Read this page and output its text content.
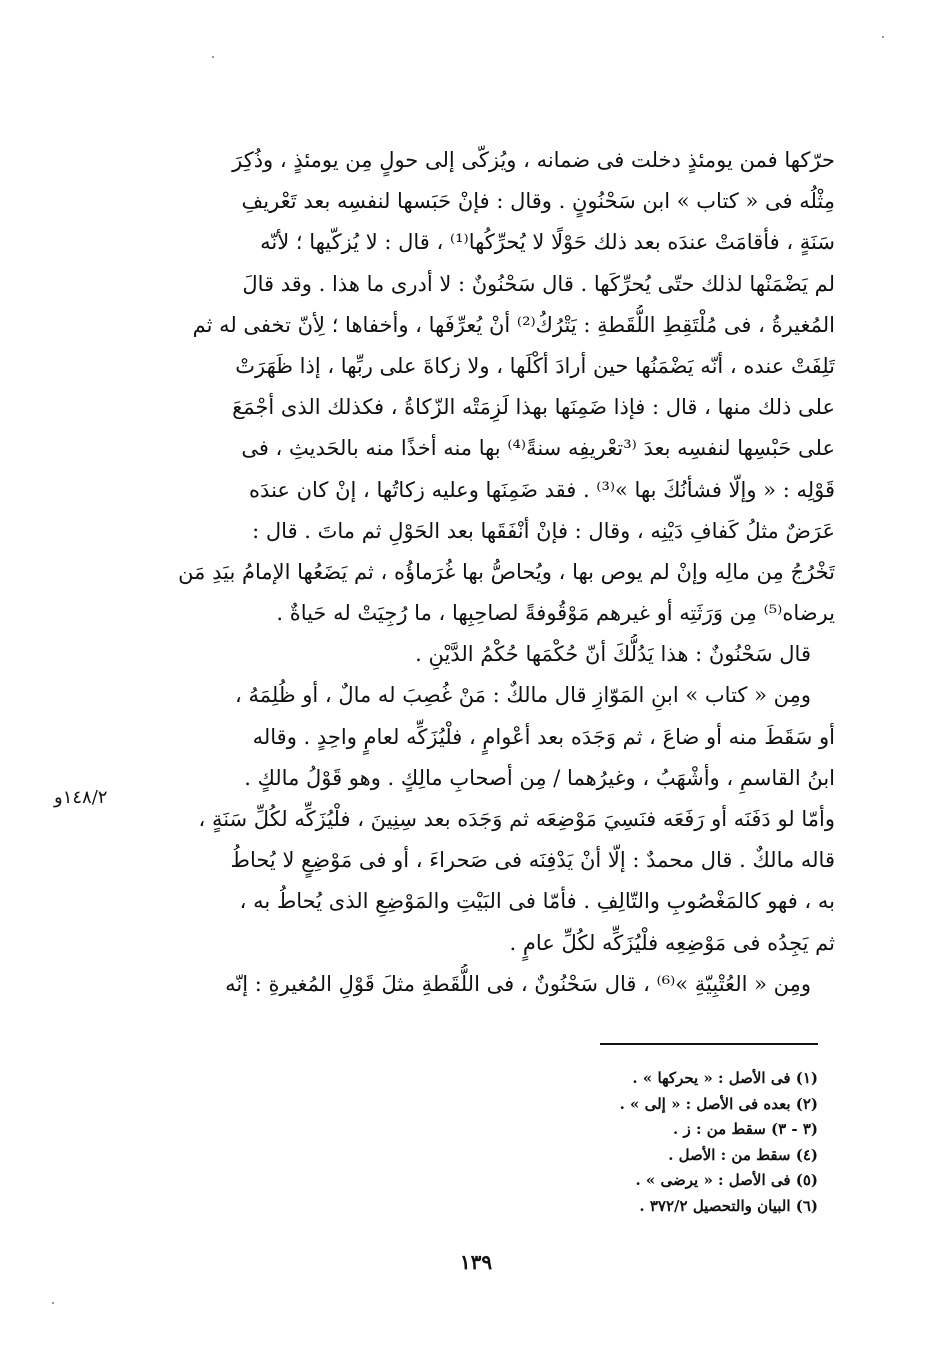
حرّكها فمن يومئذٍ دخلت فى ضمانه ، ويُزكّى إلى حولٍ مِن يومئذٍ ، وذُكِرَ
مِثْلُه فى « كتاب » ابن سَحْنُونٍ . وقال : فإنْ حَبَسها لنفسِه بعد تَعْريفِ
سَنَةٍ ، فأقامَتْ عندَه بعد ذلك حَوْلًا لا يُحرِّكُها⁽¹⁾ ، قال : لا يُزكّيها ؛ لأنّه
لم يَضْمَنْها لذلك حتّى يُحرِّكَها . قال سَحْنُونٌ : لا أدرى ما هذا . وقد قالَ
المُغيرةُ ، فى مُلْتَقِطِ اللُّقَطةِ : يَتْرُكُ⁽²⁾ أنْ يُعرِّفَها ، وأخفاها ؛ لِأنّ تخفى له ثم
تَلِفَتْ عنده ، أنّه يَضْمَنُها حين أرادَ أكْلَها ، ولا زكاةَ على ربِّها ، إذا ظَهَرَتْ
على ذلك منها ، قال : فإذا ضَمِنَها بهذا لَزِمَتْه الزّكاةُ ، فكذلك الذى أجْمَعَ
على حَبْسِها لنفسِه بعدَ ⁽³تعْريفِه سنةً⁽⁴⁾ بها منه أخذًا منه بالحَديثِ ، فى
قَوْلِه : « وإلّا فشأنُكَ بها »⁽³⁾ . فقد ضَمِنَها وعليه زكاتُها ، إنْ كان عندَه
عَرَضٌ مثلُ كَفافِ دَيْنِه ، وقال : فإنْ أنْفَقَها بعد الحَوْلِ ثم ماتَ . قال :
تَخْرُجُ مِن مالِه وإنْ لم يوص بها ، ويُحاصُّ بها غُرَماؤُه ، ثم يَضَعُها الإمامُ بيَدِ مَن
يرضاه⁽⁵⁾ مِن وَرَثَتِه أو غيرهم مَوْقُوفةً لصاحِبِها ، ما رُجِيَتْ له حَياةٌ .
قال سَحْنُونٌ : هذا يَدُلُّكَ أنّ حُكْمَها حُكْمُ الدَّيْنِ .
ومِن « كتاب » ابنِ المَوّازِ قال مالكٌ : مَنْ غُصِبَ له مالٌ ، أو ظُلِمَهُ ،
أو سَقَطَ منه أو ضاعَ ، ثم وَجَدَه بعد أعْوامٍ ، فلْيُزَكِّه لعامٍ واحِدٍ . وقاله
ابنُ القاسمِ ، وأشْهَبُ ، وغيرُهما / مِن أصحابِ مالِكٍ . وهو قَوْلُ مالكٍ .
وأمّا لو دَفَنَه أو رَفَعَه فنَسِيَ مَوْضِعَه ثم وَجَدَه بعد سِنِينَ ، فلْيُزَكِّه لكُلِّ سَنَةٍ ،
قاله مالكٌ . قال محمدٌ : إلّا أنْ يَدْفِنَه فى صَحراءَ ، أو فى مَوْضِعٍ لا يُحاطُ
به ، فهو كالمَغْصُوبِ والتّالِفِ . فأمّا فى البَيْتِ والمَوْضِعِ الذى يُحاطُ به ،
ثم يَجِدُه فى مَوْضِعِه فلْيُزَكِّه لكُلِّ عامٍ .
ومِن « العُتْبِيّةِ »⁽⁶⁾ ، قال سَحْنُونٌ ، فى اللُّقَطةِ مثلَ قَوْلِ المُغيرةِ : إنّه
١٤٨/٢و
(١) فى الأصل : « يحركها » .
(٢) بعده فى الأصل : « إلى » .
(٣ - ٣) سقط من : ز .
(٤) سقط من : الأصل .
(٥) فى الأصل : « يرضى » .
(٦) البيان والتحصيل ٣٧٢/٢ .
١٣٩
